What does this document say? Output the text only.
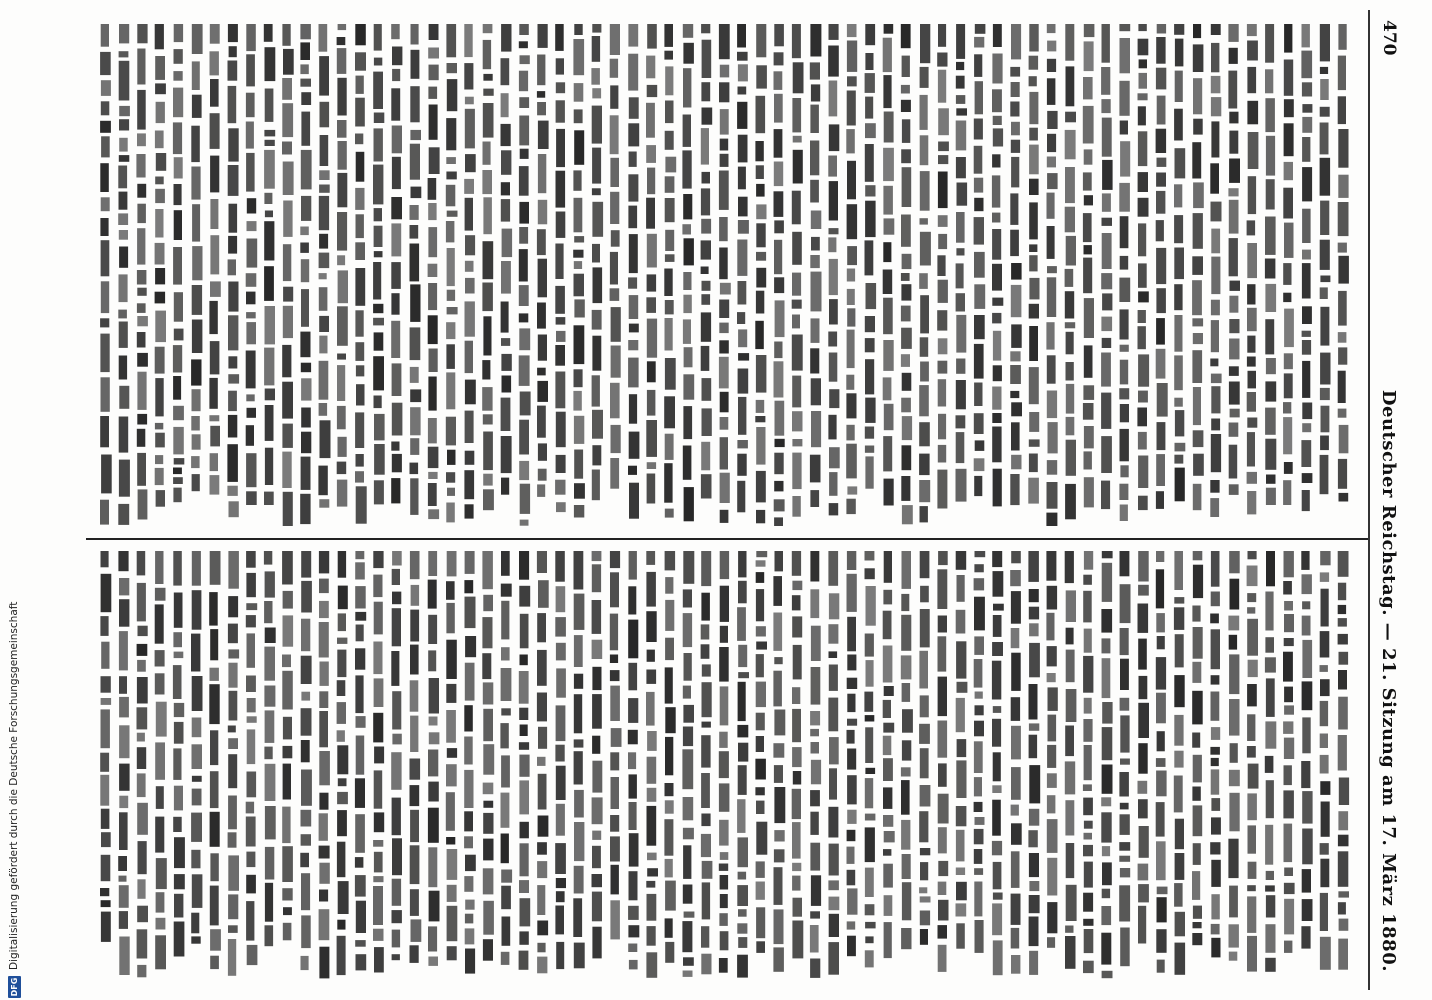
470
Deutscher Reichstag. — 21. Sitzung am 17. März 1880.
DFG
Digitalisierung gefördert durch die Deutsche Forschungsgemeinschaft
